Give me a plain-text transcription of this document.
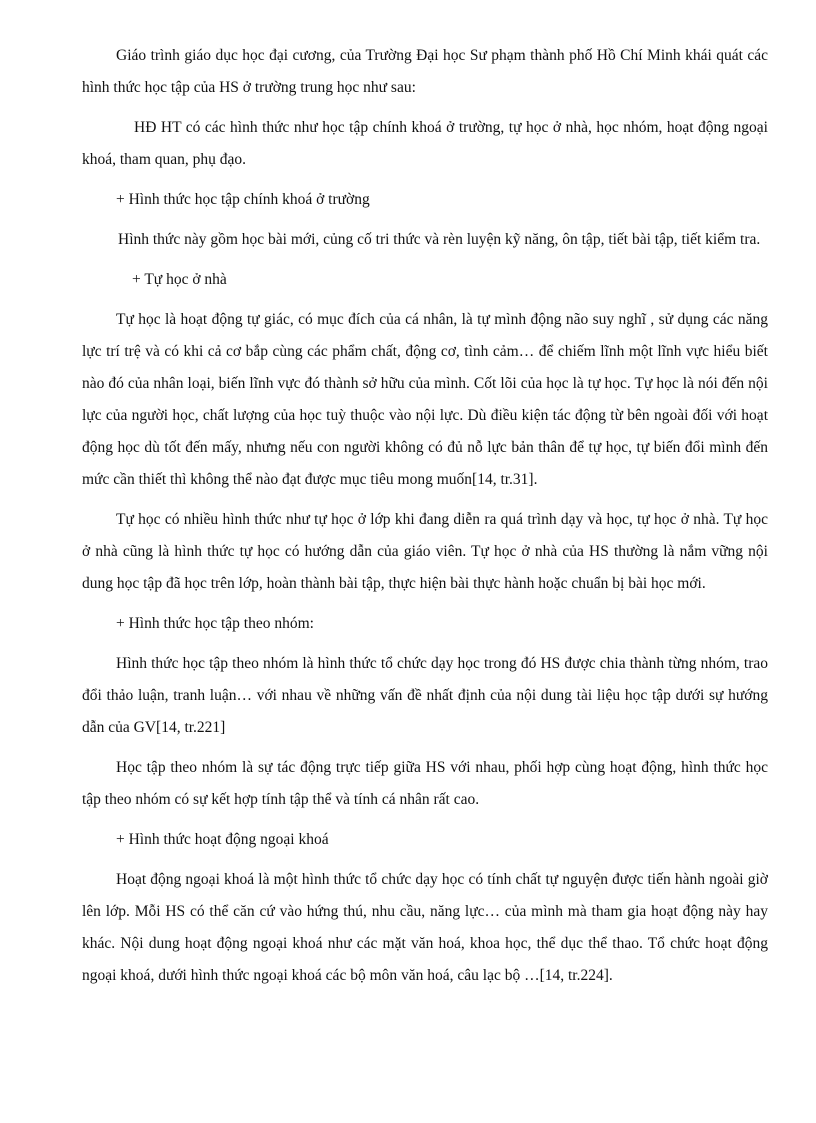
Giáo trình giáo dục học đại cương, của Trường Đại học Sư phạm thành phố Hồ Chí Minh khái quát các hình thức học tập của HS ở trường trung học như sau:

HĐ HT có các hình thức như học tập chính khoá ở trường, tự học ở nhà, học nhóm, hoạt động ngoại khoá, tham quan, phụ đạo.

+ Hình thức học tập chính khoá ở trường

Hình thức này gồm học bài mới, củng cố tri thức và rèn luyện kỹ năng, ôn tập, tiết bài tập, tiết kiểm tra.

+ Tự học ở nhà

Tự học là hoạt động tự giác, có mục đích của cá nhân, là tự mình động não suy nghĩ , sử dụng các năng lực trí trệ và có khi cả cơ bắp cùng các phẩm chất, động cơ, tình cảm… để chiếm lĩnh một lĩnh vực hiểu biết nào đó của nhân loại, biến lĩnh vực đó thành sở hữu của mình. Cốt lõi của học là tự học. Tự học là nói đến nội lực của người học, chất lượng của học tuỳ thuộc vào nội lực. Dù điều kiện tác động từ bên ngoài đối với hoạt động học dù tốt đến mấy, nhưng nếu con người không có đủ nỗ lực bản thân để tự học, tự biến đổi mình đến mức cần thiết thì không thể nào đạt được mục tiêu mong muốn[14, tr.31].

Tự học có nhiều hình thức như tự học ở lớp khi đang diễn ra quá trình dạy và học, tự học ở nhà. Tự học ở nhà cũng là hình thức tự học có hướng dẫn của giáo viên. Tự học ở nhà của HS thường là nắm vững nội dung học tập đã học trên lớp, hoàn thành bài tập, thực hiện bài thực hành hoặc chuẩn bị bài học mới.

+ Hình thức học tập theo nhóm:

Hình thức học tập theo nhóm là hình thức tổ chức dạy học trong đó HS được chia thành từng nhóm, trao đổi thảo luận, tranh luận… với nhau về những vấn đề nhất định của nội dung tài liệu học tập dưới sự hướng dẫn của GV[14, tr.221]

Học tập theo nhóm là sự tác động trực tiếp giữa HS với nhau, phối hợp cùng hoạt động, hình thức học tập theo nhóm có sự kết hợp tính tập thể và tính cá nhân rất cao.

+ Hình thức hoạt động ngoại khoá

Hoạt động ngoại khoá là một hình thức tổ chức dạy học có tính chất tự nguyện được tiến hành ngoài giờ lên lớp. Mỗi HS có thể căn cứ vào hứng thú, nhu cầu, năng lực… của mình mà tham gia hoạt động này hay khác. Nội dung hoạt động ngoại khoá như các mặt văn hoá, khoa học, thể dục thể thao. Tổ chức hoạt động ngoại khoá, dưới hình thức ngoại khoá các bộ môn văn hoá, câu lạc bộ …[14, tr.224].
